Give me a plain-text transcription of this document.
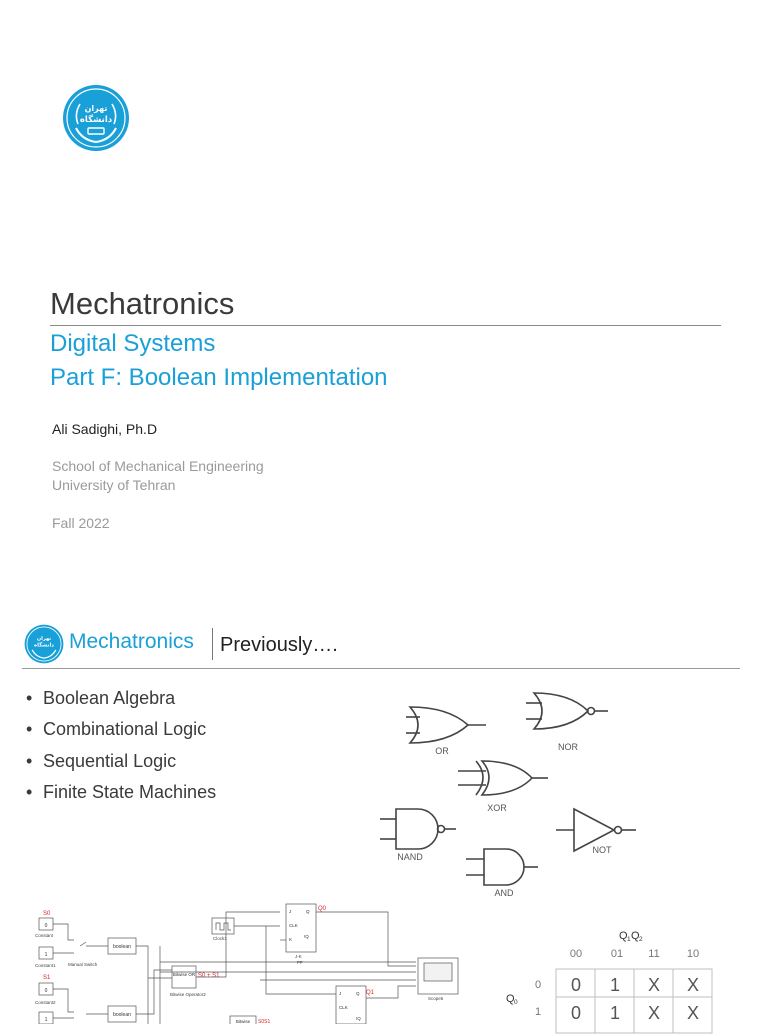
دانشگاه
تهران
Mechatronics
Digital Systems
Part F: Boolean Implementation
Ali Sadighi, Ph.D
School of Mechanical Engineering
University of Tehran
Fall 2022
دانشگاه
تهران Mechatronics Previously….
• Boolean Algebra
• Combinational Logic
• Sequential Logic
• Finite State Machines
OR	NOR
XOR
NAND
NOT
AND
S0
0
Constant
1
Constant1	Manual Switch
boolean
S1
0
Constant2
1
boolean
Clock1
S0 + S1
Bitwise OR
Bitwise Operator2
J
CLK
K
Q
!Q
J-K
FF
Q0
J
CLK
Q
!Q
Q1
Scope5
Bitwise S0S1
Q 1 Q 2
00	01 11 10
Q 0
0
1
0 1 X X
0 1 X X
